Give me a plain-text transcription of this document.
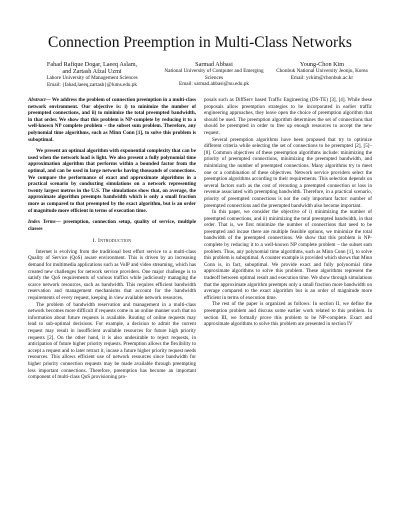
Connection Preemption in Multi-Class Networks
Fahad Rafique Dogar, Laeeq Aslam,
and Zartash Afzal Uzmi
Lahore University of Management Sciences
Email: {fahad,laeeq,zartash}@lums.edu.pk
Sarmad Abbasi
National University of Computer and Emerging Sciences
Email: sarmad.abbasi@nu.edu.pk
Young-Chon Kim
Chonbuk National University Jeonju, Korea
Email: yckim@chonbuk.ac.kr
Abstract— We address the problem of connection preemption in a multi-class network environment. Our objective is: i) to minimize the number of preempted connections, and ii) to minimize the total preempted bandwidth, in that order. We show that this problem is NP-complete by reducing it to a well-known NP complete problem – the subset sum problem. Therefore, any polynomial time algorithms, such as Minn Conn [1], to solve this problem is suboptimal.
We present an optimal algorithm with exponential complexity that can be used when the network load is light. We also present a fully polynomial time approximation algorithm that performs within a bounded factor from the optimal, and can be used in large networks having thousands of connections. We compare the performance of exact and approximate algorithms in a practical scenario by conducting simulations on a network representing twenty largest metros in the U.S. The simulations show that, on average, the approximate algorithm preempts bandwidth which is only a small fraction more as compared to that preempted by the exact algorithm, but is an order of magnitude more efficient in terms of execution time.
Index Terms— preemption, connection setup, quality of service, multiple classes
I. Introduction

Internet is evolving from the traditional best effort service to a multi-class Quality of Service (QoS) aware environment. This is driven by an increasing demand for multimedia applications such as VoIP and video streaming, which has created new challenges for network service providers. One major challenge is to satisfy the QoS requirements of various traffics while judiciously managing the scarce network resources, such as bandwidth. This requires efficient bandwidth reservation and management mechanisms that account for the bandwidth requirements of every request, keeping in view available network resources.

The problem of bandwidth reservation and management in a multi-class network becomes more difficult if requests come in an online manner such that no information about future requests is available. Routing of online requests may lead to sub-optimal decisions. For example, a decision to admit the current request may result in insufficient available resources for future high priority requests [2]. On the other hand, it is also undesirable to reject requests, in anticipation of future higher priority requests. Preemption allows the flexibility to accept a request and to later retract it, incase a future higher priority request needs resources. This allows efficient use of network resources since bandwidth for higher priority connection requests may be made available through preempting less important connections. Therefore, preemption has become an important component of multi-class QoS provisioning pro-

posals such as DiffServ based Traffic Engineering (DS-TE) [3], [4]. While these proposals allow preemption strategies to be incorporated in earlier traffic engineering approaches, they leave open the choice of preemption algorithm that should be used. The preemption algorithm determines the set of connections that should be preempted in order to free up enough resources to accept the new request.

Several preemption algorithms have been proposed that try to optimize different criteria while selecting the set of connections to be preempted [2], [5]–[8]. Common objectives of these preemption algorithms include: minimizing the priority of preempted connections, minimizing the preempted bandwidth, and minimizing the number of preempted connections. Many algorithms try to meet one or a combination of these objectives. Network service providers select the preemption algorithms according to their requirements. This selection depends on several factors such as the cost of rerouting a preempted connection or loss in revenue associated with preempting bandwidth. Therefore, in a practical scenario, priority of preempted connections is not the only important factor: number of preempted connections and the preempted bandwidth also become important.

In this paper, we consider the objective of i) minimizing the number of preempted connections, and ii) minimizing the total preempted bandwidth, in that order. That is, we first minimize the number of connections that need to be preempted and incase there are multiple feasible options, we minimize the total bandwidth of the preempted connections. We show that this problem is NP-complete by reducing it to a well-known NP complete problem – the subset sum problem. Thus, any polynomial time algorithms, such as Minn Conn [1], to solve this problem is suboptimal. A counter example is provided which shows that Minn Conn is, in fact, suboptimal. We provide exact and fully polynomial time approximate algorithms to solve this problem. These algorithms represent the tradeoff between optimal result and execution time. We show through simulations that the approximate algorithm preempts only a small fraction more bandwidth on average compared to the exact algorithm but is an order of magnitude more efficient in terms of execution time.

The rest of the paper is organized as follows: In section II, we define the preemption problem and discuss some earlier work related to this problem. In section III, we formally prove this problem to be NP-complete. Exact and approximate algorithms to solve this problem are presented in section IV
